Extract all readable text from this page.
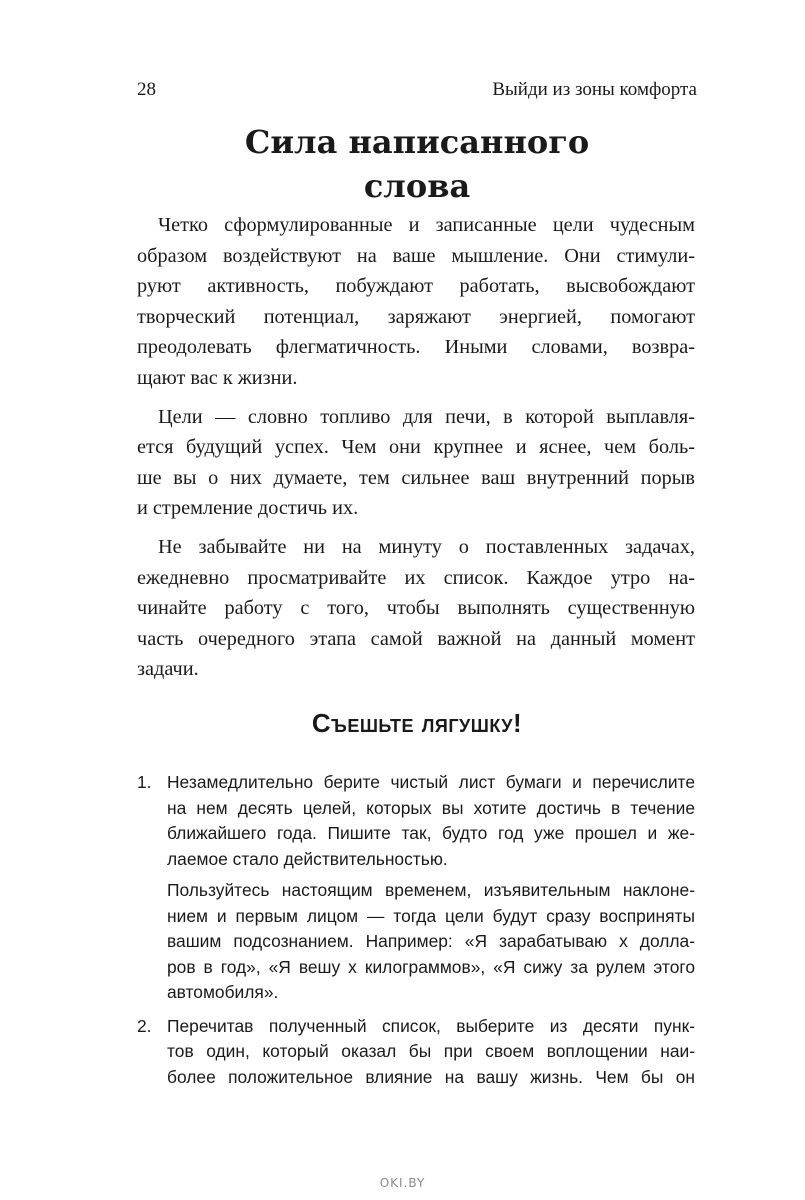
28	Выйди из зоны комфорта
Сила написанного
слова

Четко сформулированные и записанные цели чудесным
образом воздействуют на ваше мышление. Они стимули-
руют активность, побуждают работать, высвобождают
творческий потенциал, заряжают энергией, помогают
преодолевать флегматичность. Иными словами, возвра-
щают вас к жизни.

Цели — словно топливо для печи, в которой выплавля-
ется будущий успех. Чем они крупнее и яснее, чем боль-
ше вы о них думаете, тем сильнее ваш внутренний порыв
и стремление достичь их.

Не забывайте ни на минуту о поставленных задачах,
ежедневно просматривайте их список. Каждое утро на-
чинайте работу с того, чтобы выполнять существенную
часть очередного этапа самой важной на данный момент
задачи.

Съешьте лягушку!
1. Незамедлительно берите чистый лист бумаги и перечислите
на нем десять целей, которых вы хотите достичь в течение
ближайшего года. Пишите так, будто год уже прошел и же-
лаемое стало действительностью.

Пользуйтесь настоящим временем, изъявительным наклоне-
нием и первым лицом — тогда цели будут сразу восприняты
вашим подсознанием. Например: «Я зарабатываю х долла-
ров в год», «Я вешу х килограммов», «Я сижу за рулем этого
автомобиля».

2. Перечитав полученный список, выберите из десяти пунк-
тов один, который оказал бы при своем воплощении наи-
более положительное влияние на вашу жизнь. Чем бы он

OKI.BY
